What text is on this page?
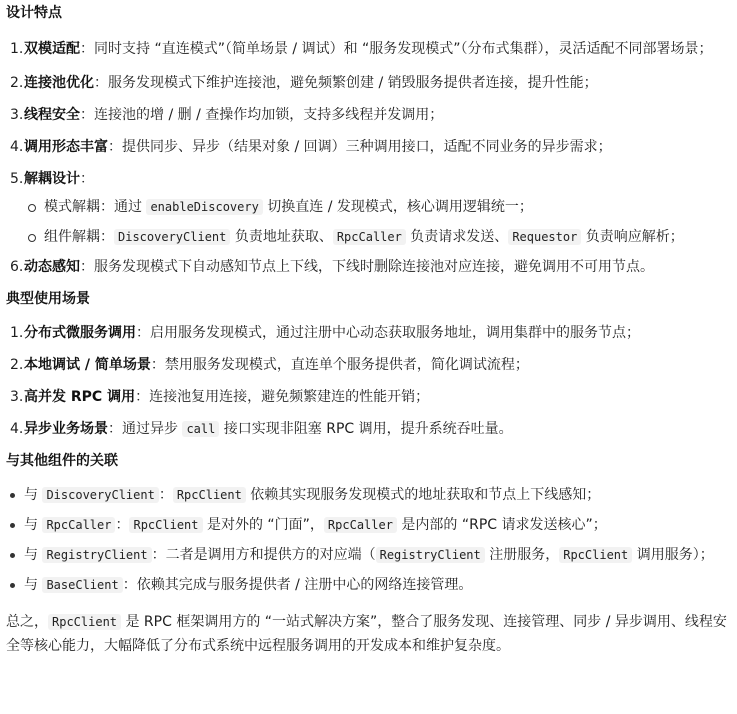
设计特点
1. 双模适配：同时支持 “直连模式”（简单场景 / 调试）和 “服务发现模式”（分布式集群），灵活适配不同部署场景；
2. 连接池优化：服务发现模式下维护连接池，避免频繁创建 / 销毁服务提供者连接，提升性能；
3. 线程安全：连接池的增 / 删 / 查操作均加锁，支持多线程并发调用；
4. 调用形态丰富：提供同步、异步（结果对象 / 回调）三种调用接口，适配不同业务的异步需求；
5. 解耦设计：
模式解耦：通过 enableDiscovery 切换直连 / 发现模式，核心调用逻辑统一；
组件解耦： DiscoveryClient 负责地址获取、 RpcCaller 负责请求发送、 Requestor 负责响应解析；
6. 动态感知：服务发现模式下自动感知节点上下线，下线时删除连接池对应连接，避免调用不可用节点。
典型使用场景
1. 分布式微服务调用：启用服务发现模式，通过注册中心动态获取服务地址，调用集群中的服务节点；
2. 本地调试 / 简单场景：禁用服务发现模式，直连单个服务提供者，简化调试流程；
3. 高并发 RPC 调用：连接池复用连接，避免频繁建连的性能开销；
4. 异步业务场景：通过异步 call 接口实现非阻塞 RPC 调用，提升系统吞吐量。
与其他组件的关联
与 DiscoveryClient ： RpcClient 依赖其实现服务发现模式的地址获取和节点上下线感知；
与 RpcCaller ： RpcClient 是对外的 “门面”， RpcCaller 是内部的 “RPC 请求发送核心”；
与 RegistryClient ：二者是调用方和提供方的对应端（ RegistryClient 注册服务， RpcClient 调用服务）；
与 BaseClient ：依赖其完成与服务提供者 / 注册中心的网络连接管理。

总之， RpcClient 是 RPC 框架调用方的 “一站式解决方案”，整合了服务发现、连接管理、同步 / 异步调用、线程安全等核心能力，大幅降低了分布式系统中远程服务调用的开发成本和维护复杂度。
